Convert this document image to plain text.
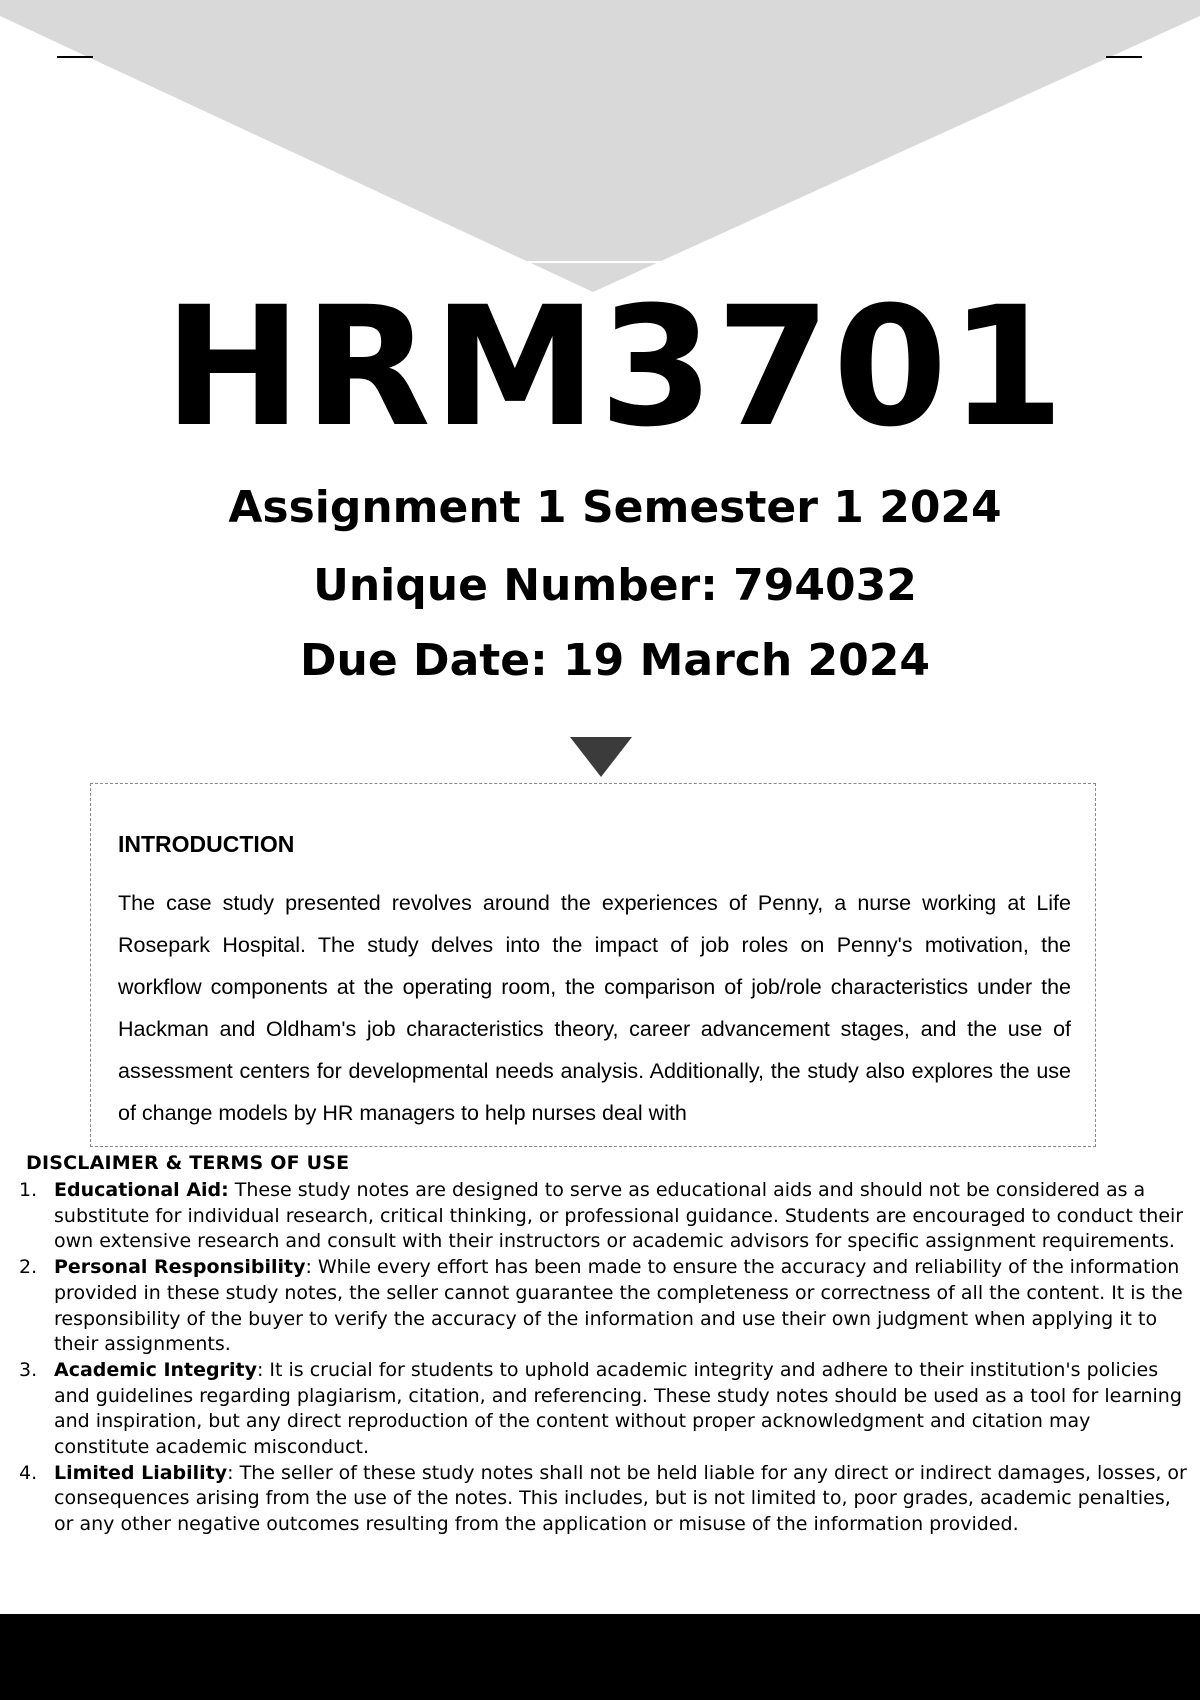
HRM3701
Assignment 1 Semester 1 2024
Unique Number: 794032
Due Date: 19 March 2024
INTRODUCTION

The case study presented revolves around the experiences of Penny, a nurse working at Life Rosepark Hospital. The study delves into the impact of job roles on Penny's motivation, the workflow components at the operating room, the comparison of job/role characteristics under the Hackman and Oldham's job characteristics theory, career advancement stages, and the use of assessment centers for developmental needs analysis. Additionally, the study also explores the use of change models by HR managers to help nurses deal with

DISCLAIMER & TERMS OF USE
1. Educational Aid: These study notes are designed to serve as educational aids and should not be considered as a substitute for individual research, critical thinking, or professional guidance. Students are encouraged to conduct their own extensive research and consult with their instructors or academic advisors for specific assignment requirements.
2. Personal Responsibility: While every effort has been made to ensure the accuracy and reliability of the information provided in these study notes, the seller cannot guarantee the completeness or correctness of all the content. It is the responsibility of the buyer to verify the accuracy of the information and use their own judgment when applying it to their assignments.
3. Academic Integrity: It is crucial for students to uphold academic integrity and adhere to their institution's policies and guidelines regarding plagiarism, citation, and referencing. These study notes should be used as a tool for learning and inspiration, but any direct reproduction of the content without proper acknowledgment and citation may constitute academic misconduct.
4. Limited Liability: The seller of these study notes shall not be held liable for any direct or indirect damages, losses, or consequences arising from the use of the notes. This includes, but is not limited to, poor grades, academic penalties, or any other negative outcomes resulting from the application or misuse of the information provided.
